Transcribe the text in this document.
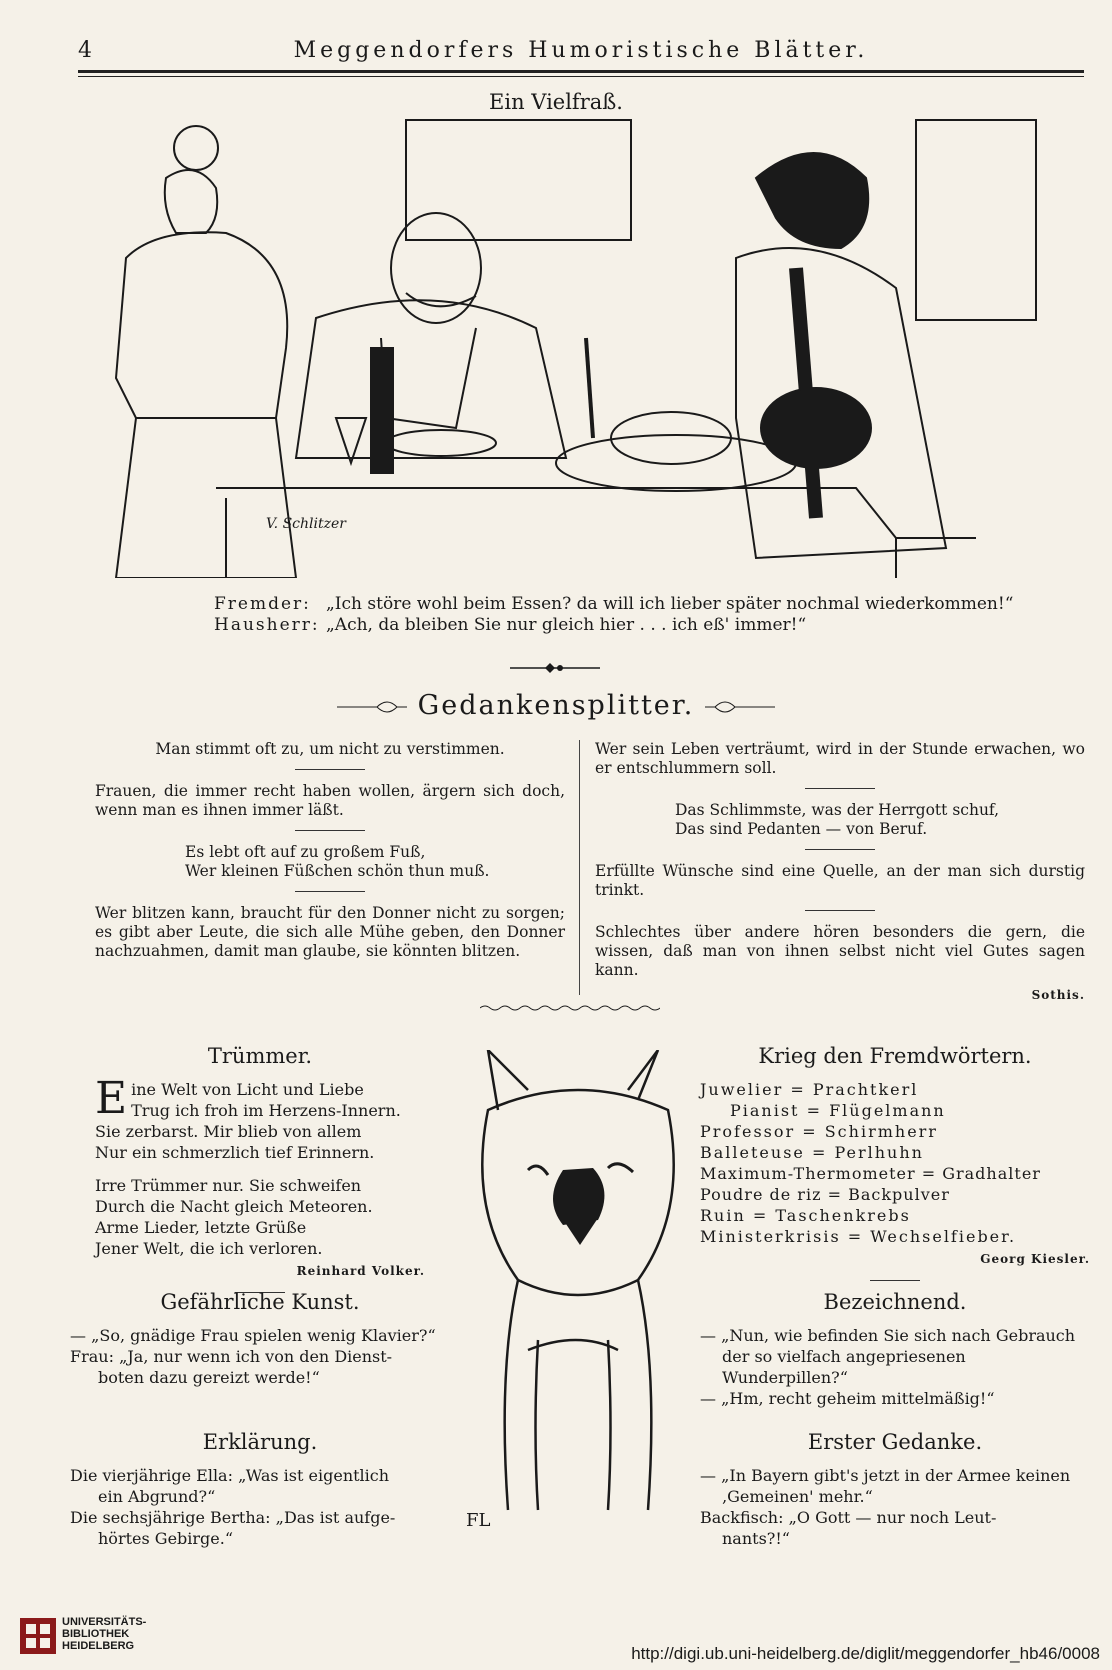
4	Meggendorfers Humoristische Blätter.
Ein Vielfraß.
V. Schlitzer
Fremder: „Ich störe wohl beim Essen? da will ich lieber später nochmal wiederkommen!“
Hausherr: „Ach, da bleiben Sie nur gleich hier . . . ich eß' immer!“
Gedankensplitter.

Man stimmt oft zu, um nicht zu verstimmen.

Frauen, die immer recht haben wollen, ärgern sich doch, wenn man es ihnen immer läßt.

Es lebt oft auf zu großem Fuß,
Wer kleinen Füßchen schön thun muß.

Wer blitzen kann, braucht für den Donner nicht zu sorgen; es gibt aber Leute, die sich alle Mühe geben, den Donner nachzuahmen, damit man glaube, sie könnten blitzen.

Wer sein Leben verträumt, wird in der Stunde erwachen, wo er entschlummern soll.

Das Schlimmste, was der Herrgott schuf,
Das sind Pedanten — von Beruf.

Erfüllte Wünsche sind eine Quelle, an der man sich durstig trinkt.

Schlechtes über andere hören besonders die gern, die wissen, daß man von ihnen selbst nicht viel Gutes sagen kann.

Sothis.
Trümmer.
E ine Welt von Licht und Liebe

Trug ich froh im Herzens-Innern.

Sie zerbarst. Mir blieb von allem

Nur ein schmerzlich tief Erinnern.

Irre Trümmer nur. Sie schweifen

Durch die Nacht gleich Meteoren.

Arme Lieder, letzte Grüße

Jener Welt, die ich verloren.

Reinhard Volker.
Gefährliche Kunst.

— „So, gnädige Frau spielen wenig Klavier?“

Frau: „Ja, nur wenn ich von den Dienst-

boten dazu gereizt werde!“

Erklärung.

Die vierjährige Ella: „Was ist eigentlich

ein Abgrund?“

Die sechsjährige Bertha: „Das ist aufge-

hörtes Gebirge.“

FL
Krieg den Fremdwörtern.

Juwelier = Prachtkerl

Pianist = Flügelmann

Professor = Schirmherr

Balleteuse = Perlhuhn

Maximum-Thermometer = Gradhalter

Poudre de riz = Backpulver

Ruin = Taschenkrebs

Ministerkrisis = Wechselfieber.

Georg Kiesler.
Bezeichnend.

— „Nun, wie befinden Sie sich nach Gebrauch

der so vielfach angepriesenen Wunderpillen?“

— „Hm, recht geheim mittelmäßig!“

Erster Gedanke.

— „In Bayern gibt's jetzt in der Armee keinen

‚Gemeinen' mehr.“

Backfisch: „O Gott — nur noch Leut-

nants?!“

UNIVERSITÄTS-
BIBLIOTHEK
HEIDELBERG	http://digi.ub.uni-heidelberg.de/diglit/meggendorfer_hb46/0008
